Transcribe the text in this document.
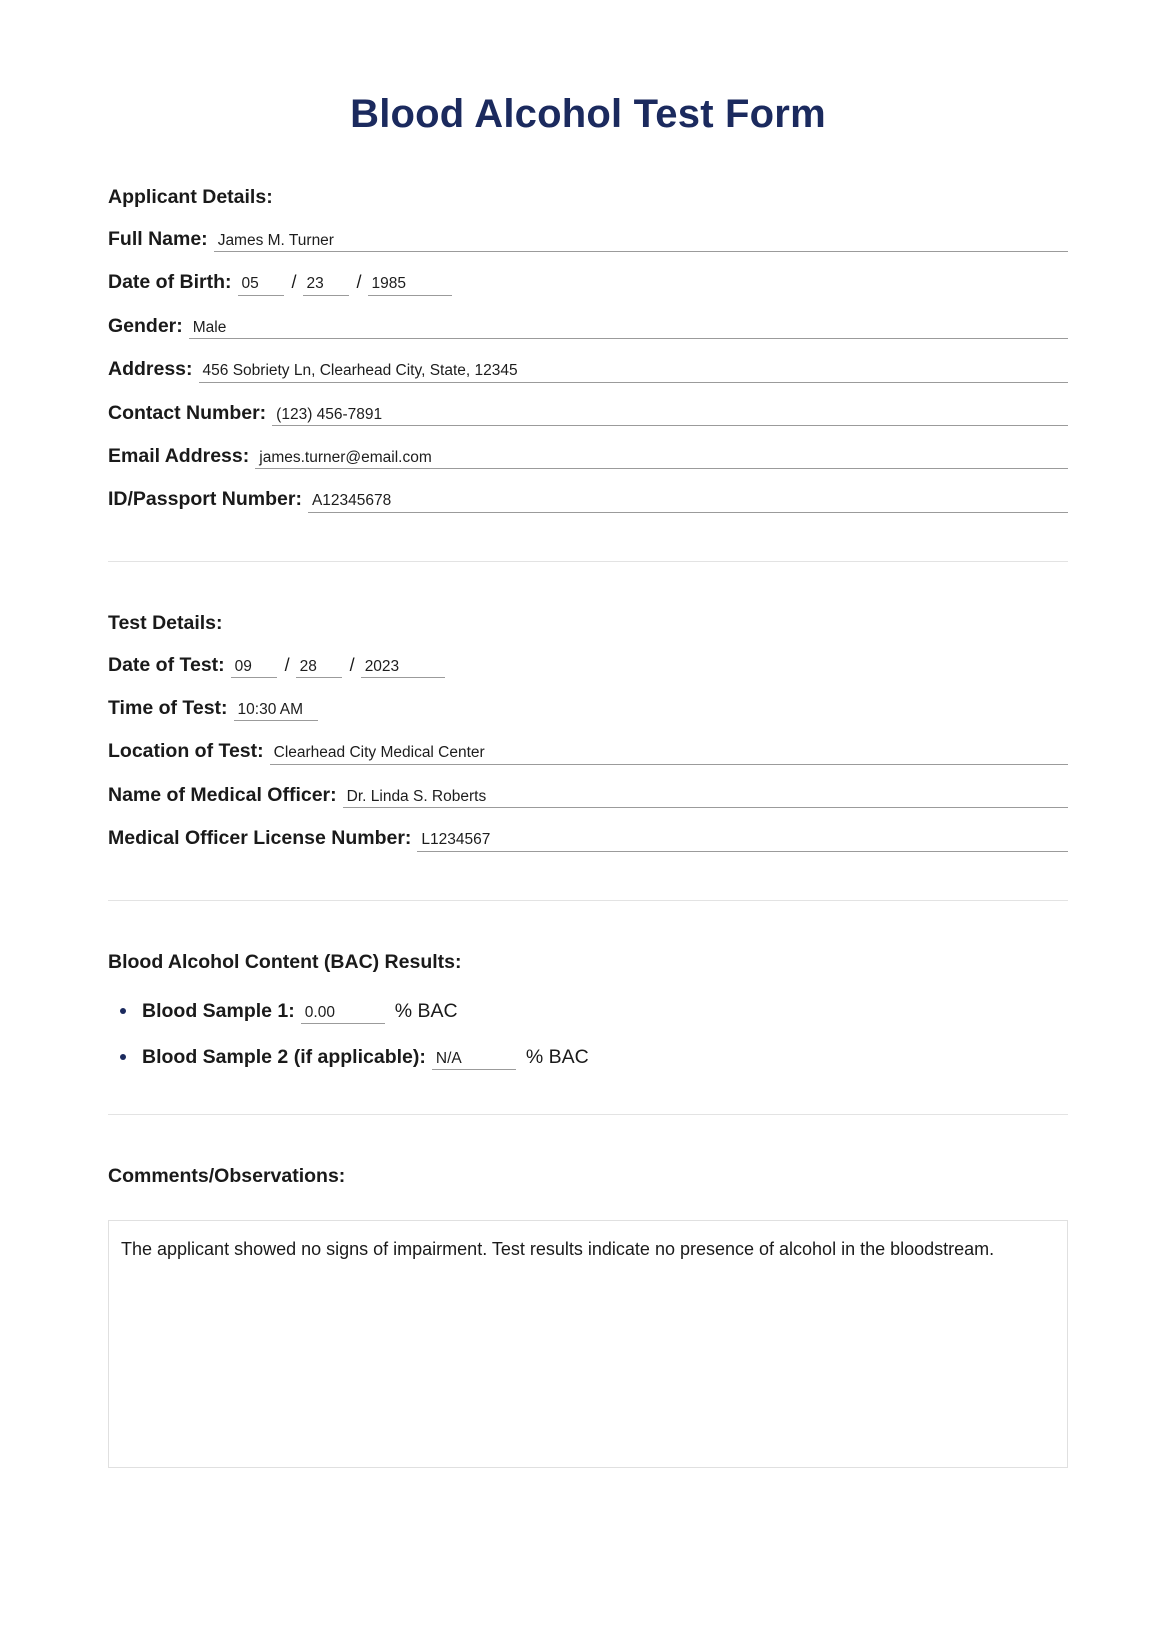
Blood Alcohol Test Form
Applicant Details:
Full Name: James M. Turner
Date of Birth: 05	/ 23	/ 1985
Gender: Male
Address: 456 Sobriety Ln, Clearhead City, State, 12345
Contact Number: (123) 456-7891
Email Address: james.turner@email.com
ID/Passport Number: A12345678
Test Details:
Date of Test: 09	/ 28	/ 2023
Time of Test: 10:30 AM
Location of Test: Clearhead City Medical Center
Name of Medical Officer: Dr. Linda S. Roberts
Medical Officer License Number: L1234567
Blood Alcohol Content (BAC) Results:
Blood Sample 1: 0.00	% BAC
Blood Sample 2 (if applicable): N/A	% BAC
Comments/Observations:
The applicant showed no signs of impairment. Test results indicate no presence of alcohol in the bloodstream.
